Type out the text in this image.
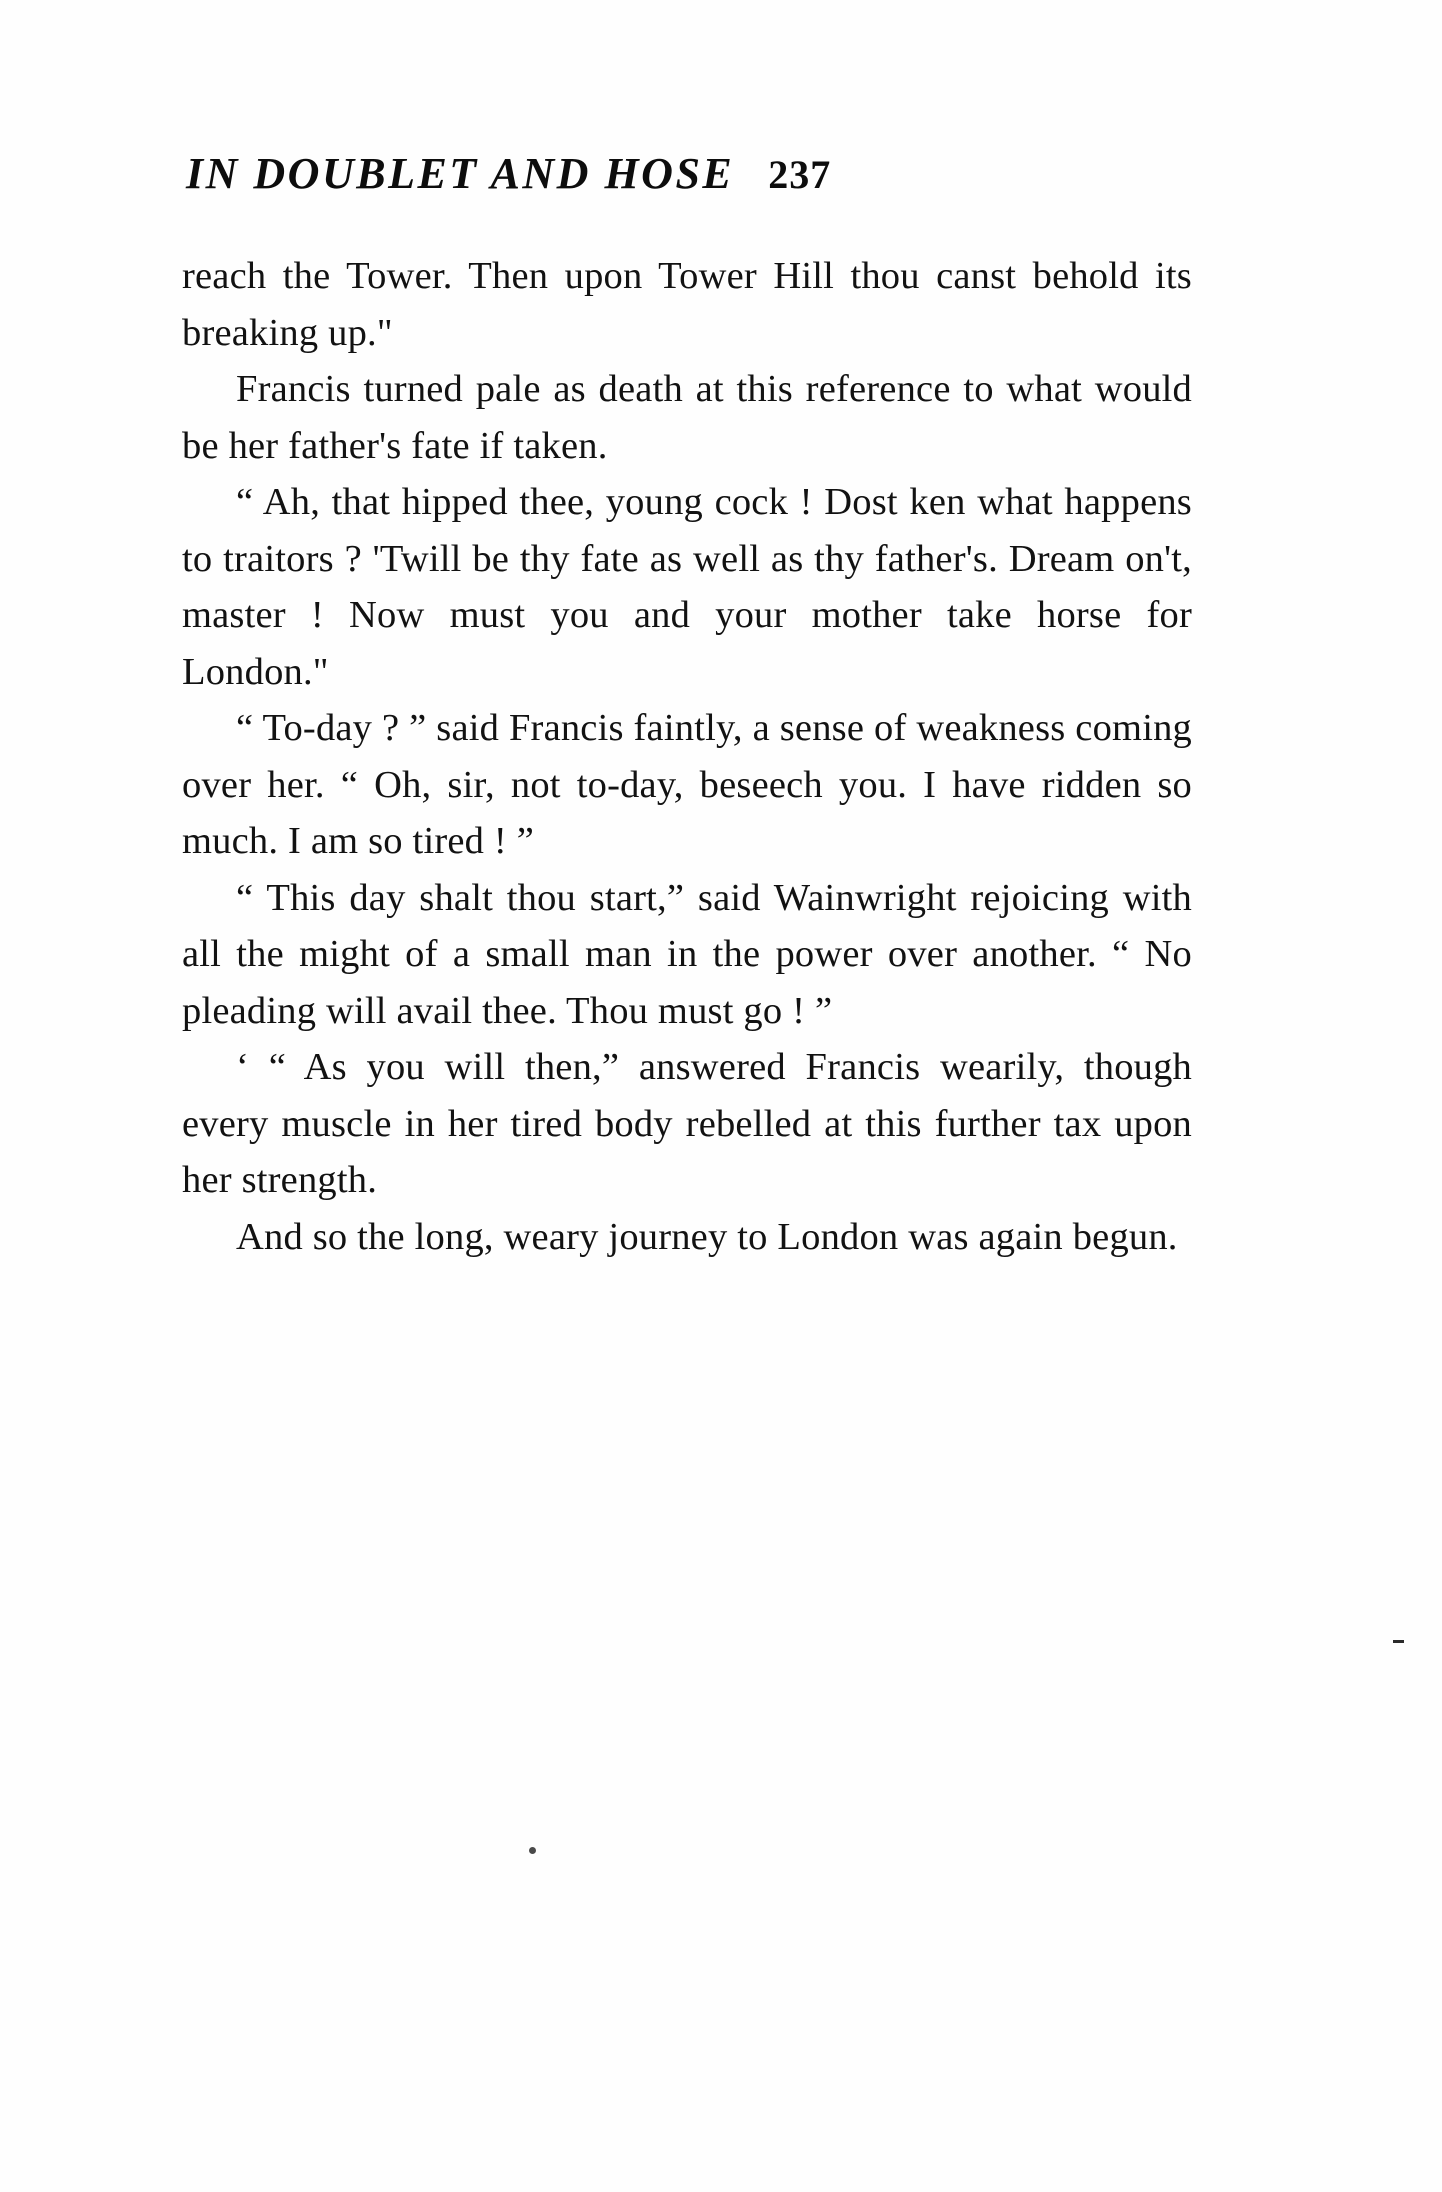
IN DOUBLET AND HOSE 237

reach the Tower. Then upon Tower Hill thou canst behold its breaking up."

Francis turned pale as death at this reference to what would be her father's fate if taken.

“ Ah, that hipped thee, young cock ! Dost ken what happens to traitors ? 'Twill be thy fate as well as thy father's. Dream on't, master ! Now must you and your mother take horse for London."

“ To-day ? ” said Francis faintly, a sense of weakness coming over her. “ Oh, sir, not to-day, beseech you. I have ridden so much. I am so tired ! ”

“ This day shalt thou start,” said Wainwright rejoicing with all the might of a small man in the power over another. “ No pleading will avail thee. Thou must go ! ”

‘ “ As you will then,” answered Francis wearily, though every muscle in her tired body rebelled at this further tax upon her strength.

And so the long, weary journey to London was again begun.
